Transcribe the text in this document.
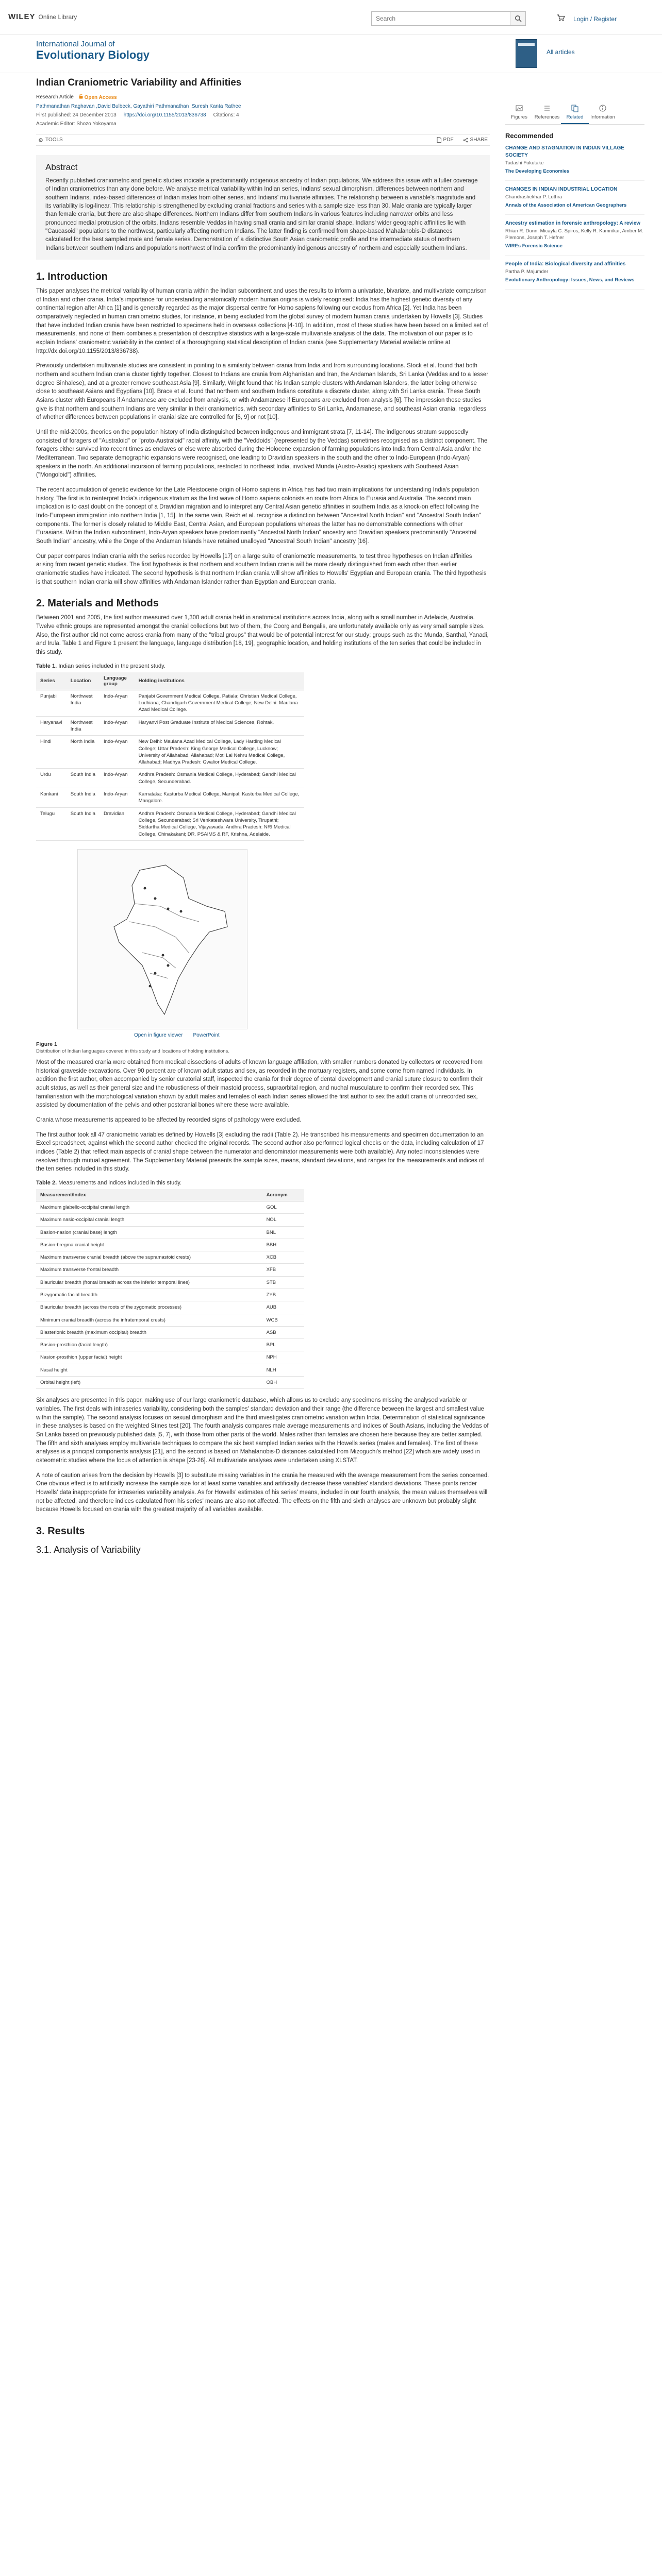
WILEY Online Library
Search	Login / Register
International Journal of
Evolutionary Biology	All articles
Indian Craniometric Variability and Affinities
Research Article	Open Access
Pathmanathan Raghavan ,David Bulbeck, Gayathiri Pathmanathan ,Suresh Kanta Rathee
First published: 24 December 2013 https://doi.org/10.1155/2013/836738 Citations: 4
Academic Editor: Shozo Yokoyama
TOOLS	PDF	SHARE
Abstract

Recently published craniometric and genetic studies indicate a predominantly indigenous ancestry of Indian populations. We address this issue with a fuller coverage of Indian craniometrics than any done before. We analyse metrical variability within Indian series, Indians' sexual dimorphism, differences between northern and southern Indians, index-based differences of Indian males from other series, and Indians' multivariate affinities. The relationship between a variable's magnitude and its variability is log-linear. This relationship is strengthened by excluding cranial fractions and series with a sample size less than 30. Male crania are typically larger than female crania, but there are also shape differences. Northern Indians differ from southern Indians in various features including narrower orbits and less pronounced medial protrusion of the orbits. Indians resemble Veddas in having small crania and similar cranial shape. Indians' wider geographic affinities lie with "Caucasoid" populations to the northwest, particularly affecting northern Indians. The latter finding is confirmed from shape-based Mahalanobis-D distances calculated for the best sampled male and female series. Demonstration of a distinctive South Asian craniometric profile and the intermediate status of northern Indians between southern Indians and populations northwest of India confirm the predominantly indigenous ancestry of northern and especially southern Indians.

1. Introduction

This paper analyses the metrical variability of human crania within the Indian subcontinent and uses the results to inform a univariate, bivariate, and multivariate comparison of Indian and other crania. India's importance for understanding anatomically modern human origins is widely recognised: India has the highest genetic diversity of any continental region after Africa [1] and is generally regarded as the major dispersal centre for Homo sapiens following our exodus from Africa [2]. Yet India has been comparatively neglected in human craniometric studies, for instance, in being excluded from the global survey of modern human crania undertaken by Howells [3]. Studies that have included Indian crania have been restricted to specimens held in overseas collections [4-10]. In addition, most of these studies have been based on a limited set of measurements, and none of them combines a presentation of descriptive statistics with a large-scale multivariate analysis of the data. The motivation of our paper is to explain Indians' craniometric variability in the context of a thoroughgoing statistical description of Indian crania (see Supplementary Material available online at http://dx.doi.org/10.1155/2013/836738).

Previously undertaken multivariate studies are consistent in pointing to a similarity between crania from India and from surrounding locations. Stock et al. found that both northern and southern Indian crania cluster tightly together. Closest to Indians are crania from Afghanistan and Iran, the Andaman Islands, Sri Lanka (Veddas and to a lesser degree Sinhalese), and at a greater remove southeast Asia [9]. Similarly, Wright found that his Indian sample clusters with Andaman Islanders, the latter being otherwise close to southeast Asians and Egyptians [10]. Brace et al. found that northern and southern Indians constitute a discrete cluster, along with Sri Lanka crania. These South Asians cluster with Europeans if Andamanese are excluded from analysis, or with Andamanese if Europeans are excluded from analysis [6]. The impression these studies give is that northern and southern Indians are very similar in their craniometrics, with secondary affinities to Sri Lanka, Andamanese, and southeast Asian crania, regardless of whether differences between populations in cranial size are controlled for [6, 9] or not [10].

Until the mid-2000s, theories on the population history of India distinguished between indigenous and immigrant strata [7, 11-14]. The indigenous stratum supposedly consisted of foragers of "Australoid" or "proto-Australoid" racial affinity, with the "Veddoids" (represented by the Veddas) sometimes recognised as a distinct component. The foragers either survived into recent times as enclaves or else were absorbed during the Holocene expansion of farming populations into India from Central Asia and/or the Mediterranean. Two separate demographic expansions were recognised, one leading to Dravidian speakers in the south and the other to Indo-European (Indo-Aryan) speakers in the north. An additional incursion of farming populations, restricted to northeast India, involved Munda (Austro-Asiatic) speakers with Southeast Asian ("Mongoloid") affinities.

The recent accumulation of genetic evidence for the Late Pleistocene origin of Homo sapiens in Africa has had two main implications for understanding India's population history. The first is to reinterpret India's indigenous stratum as the first wave of Homo sapiens colonists en route from Africa to Eurasia and Australia. The second main implication is to cast doubt on the concept of a Dravidian migration and to interpret any Central Asian genetic affinities in southern India as a knock-on effect following the Indo-European immigration into northern India [1, 15]. In the same vein, Reich et al. recognise a distinction between "Ancestral North Indian" and "Ancestral South Indian" components. The former is closely related to Middle East, Central Asian, and European populations whereas the latter has no demonstrable connections with other Eurasians. Within the Indian subcontinent, Indo-Aryan speakers have predominantly "Ancestral North Indian" ancestry and Dravidian speakers predominantly "Ancestral South Indian" ancestry, while the Onge of the Andaman Islands have retained unalloyed "Ancestral South Indian" ancestry [16].

Our paper compares Indian crania with the series recorded by Howells [17] on a large suite of craniometric measurements, to test three hypotheses on Indian affinities arising from recent genetic studies. The first hypothesis is that northern and southern Indian crania will be more clearly distinguished from each other than earlier craniometric studies have indicated. The second hypothesis is that northern Indian crania will show affinities to Howells' Egyptian and European crania. The third hypothesis is that southern Indian crania will show affinities with Andaman Islander rather than Egyptian and European crania.

2. Materials and Methods

Between 2001 and 2005, the first author measured over 1,300 adult crania held in anatomical institutions across India, along with a small number in Adelaide, Australia. Twelve ethnic groups are represented amongst the cranial collections but two of them, the Coorg and Bengalis, are unfortunately available only as very small sample sizes. Also, the first author did not come across crania from many of the "tribal groups" that would be of potential interest for our study; groups such as the Munda, Santhal, Yanadi, and Irula. Table 1 and Figure 1 present the language, language distribution [18, 19], geographic location, and holding institutions of the ten series that could be included in this study.

Table 1. Indian series included in the present study.
Series	Location	Language group	Holding institutions
Punjabi	Northwest India	Indo-Aryan	Panjabi Government Medical College, Patiala; Christian Medical College, Ludhiana; Chandigarh Government Medical College; New Delhi: Maulana Azad Medical College.
Haryanavi	Northwest India	Indo-Aryan	Haryanvi Post Graduate Institute of Medical Sciences, Rohtak.
Hindi	North India	Indo-Aryan	New Delhi: Maulana Azad Medical College, Lady Harding Medical College; Uttar Pradesh: King George Medical College, Lucknow; University of Allahabad, Allahabad; Moti Lal Nehru Medical College, Allahabad; Madhya Pradesh: Gwalior Medical College.
Urdu	South India	Indo-Aryan	Andhra Pradesh: Osmania Medical College, Hyderabad; Gandhi Medical College, Secunderabad.
Konkani	South India	Indo-Aryan	Karnataka: Kasturba Medical College, Manipal; Kasturba Medical College, Mangalore.
Telugu	South India	Dravidian	Andhra Pradesh: Osmania Medical College, Hyderabad; Gandhi Medical College, Secunderabad; Sri Venkateshwara University, Tirupathi; Siddartha Medical College, Vijayawada; Andhra Pradesh: NRI Medical College, Chinakakani; DR. PSAIMS & RF, Krishna, Adelaide.
Open in figure viewer PowerPoint
Figure 1
Distribution of Indian languages covered in this study and locations of holding institutions.

Most of the measured crania were obtained from medical dissections of adults of known language affiliation, with smaller numbers donated by collectors or recovered from historical graveside excavations. Over 90 percent are of known adult status and sex, as recorded in the mortuary registers, and some come from named individuals. In addition the first author, often accompanied by senior curatorial staff, inspected the crania for their degree of dental development and cranial suture closure to confirm their adult status, as well as their general size and the robusticness of their mastoid process, supraorbital region, and nuchal musculature to confirm their recorded sex. This familiarisation with the morphological variation shown by adult males and females of each Indian series allowed the first author to sex the adult crania of unrecorded sex, assisted by documentation of the pelvis and other postcranial bones where these were available.

Crania whose measurements appeared to be affected by recorded signs of pathology were excluded.

The first author took all 47 craniometric variables defined by Howells [3] excluding the radii (Table 2). He transcribed his measurements and specimen documentation to an Excel spreadsheet, against which the second author checked the original records. The second author also performed logical checks on the data, including calculation of 17 indices (Table 2) that reflect main aspects of cranial shape between the numerator and denominator measurements were both available). Any noted inconsistencies were resolved through mutual agreement. The Supplementary Material presents the sample sizes, means, standard deviations, and ranges for the measurements and indices of the ten series included in this study.

Table 2. Measurements and indices included in this study.
Measurement/Index	Acronym
Maximum glabello-occipital cranial length	GOL
Maximum nasio-occipital cranial length	NOL
Basion-nasion (cranial base) length	BNL
Basion-bregma cranial height	BBH
Maximum transverse cranial breadth (above the supramastoid crests)	XCB
Maximum transverse frontal breadth	XFB
Biauricular breadth (frontal breadth across the inferior temporal lines)	STB
Bizygomatic facial breadth	ZYB
Biauricular breadth (across the roots of the zygomatic processes)	AUB
Minimum cranial breadth (across the infratemporal crests)	WCB
Biasterionic breadth (maximum occipital) breadth	ASB
Basion-prosthion (facial length)	BPL
Nasion-prosthion (upper facial) height	NPH
Nasal height	NLH
Orbital height (left)	OBH

Six analyses are presented in this paper, making use of our large craniometric database, which allows us to exclude any specimens missing the analysed variable or variables. The first deals with intraseries variability, considering both the samples' standard deviation and their range (the difference between the largest and smallest value within the sample). The second analysis focuses on sexual dimorphism and the third investigates craniometric variation within India. Determination of statistical significance in these analyses is based on the weighted Stines test [20]. The fourth analysis compares male average measurements and indices of South Asians, including the Veddas of Sri Lanka based on previously published data [5, 7], with those from other parts of the world. Males rather than females are chosen here because they are better sampled. The fifth and sixth analyses employ multivariate techniques to compare the six best sampled Indian series with the Howells series (males and females). The first of these analyses is a principal components analysis [21], and the second is based on Mahalanobis-D distances calculated from Mizoguchi's method [22] which are widely used in osteometric studies where the focus of attention is shape [23-26]. All multivariate analyses were undertaken using XLSTAT.

A note of caution arises from the decision by Howells [3] to substitute missing variables in the crania he measured with the average measurement from the series concerned. One obvious effect is to artificially increase the sample size for at least some variables and artificially decrease these variables' standard deviations. These points render Howells' data inappropriate for intraseries variability analysis. As for Howells' estimates of his series' means, included in our fourth analysis, the mean values themselves will not be affected, and therefore indices calculated from his series' means are also not affected. The effects on the fifth and sixth analyses are unknown but probably slight because Howells focused on crania with the greatest majority of all variables available.

3. Results
3.1. Analysis of Variability
Figures	References	Related	Information
Recommended
CHANGE AND STAGNATION IN INDIAN VILLAGE SOCIETY
Tadashi Fukutake
The Developing Economies
CHANGES IN INDIAN INDUSTRIAL LOCATION
Chandrashekhar P. Luthra
Annals of the Association of American Geographers
Ancestry estimation in forensic anthropology: A review
Rhian R. Dunn, Micayla C. Spiros, Kelly R. Kamnikar, Amber M. Plemons, Joseph T. Hefner
WIREs Forensic Science
People of India: Biological diversity and affinities
Partha P. Majumder
Evolutionary Anthropology: Issues, News, and Reviews
